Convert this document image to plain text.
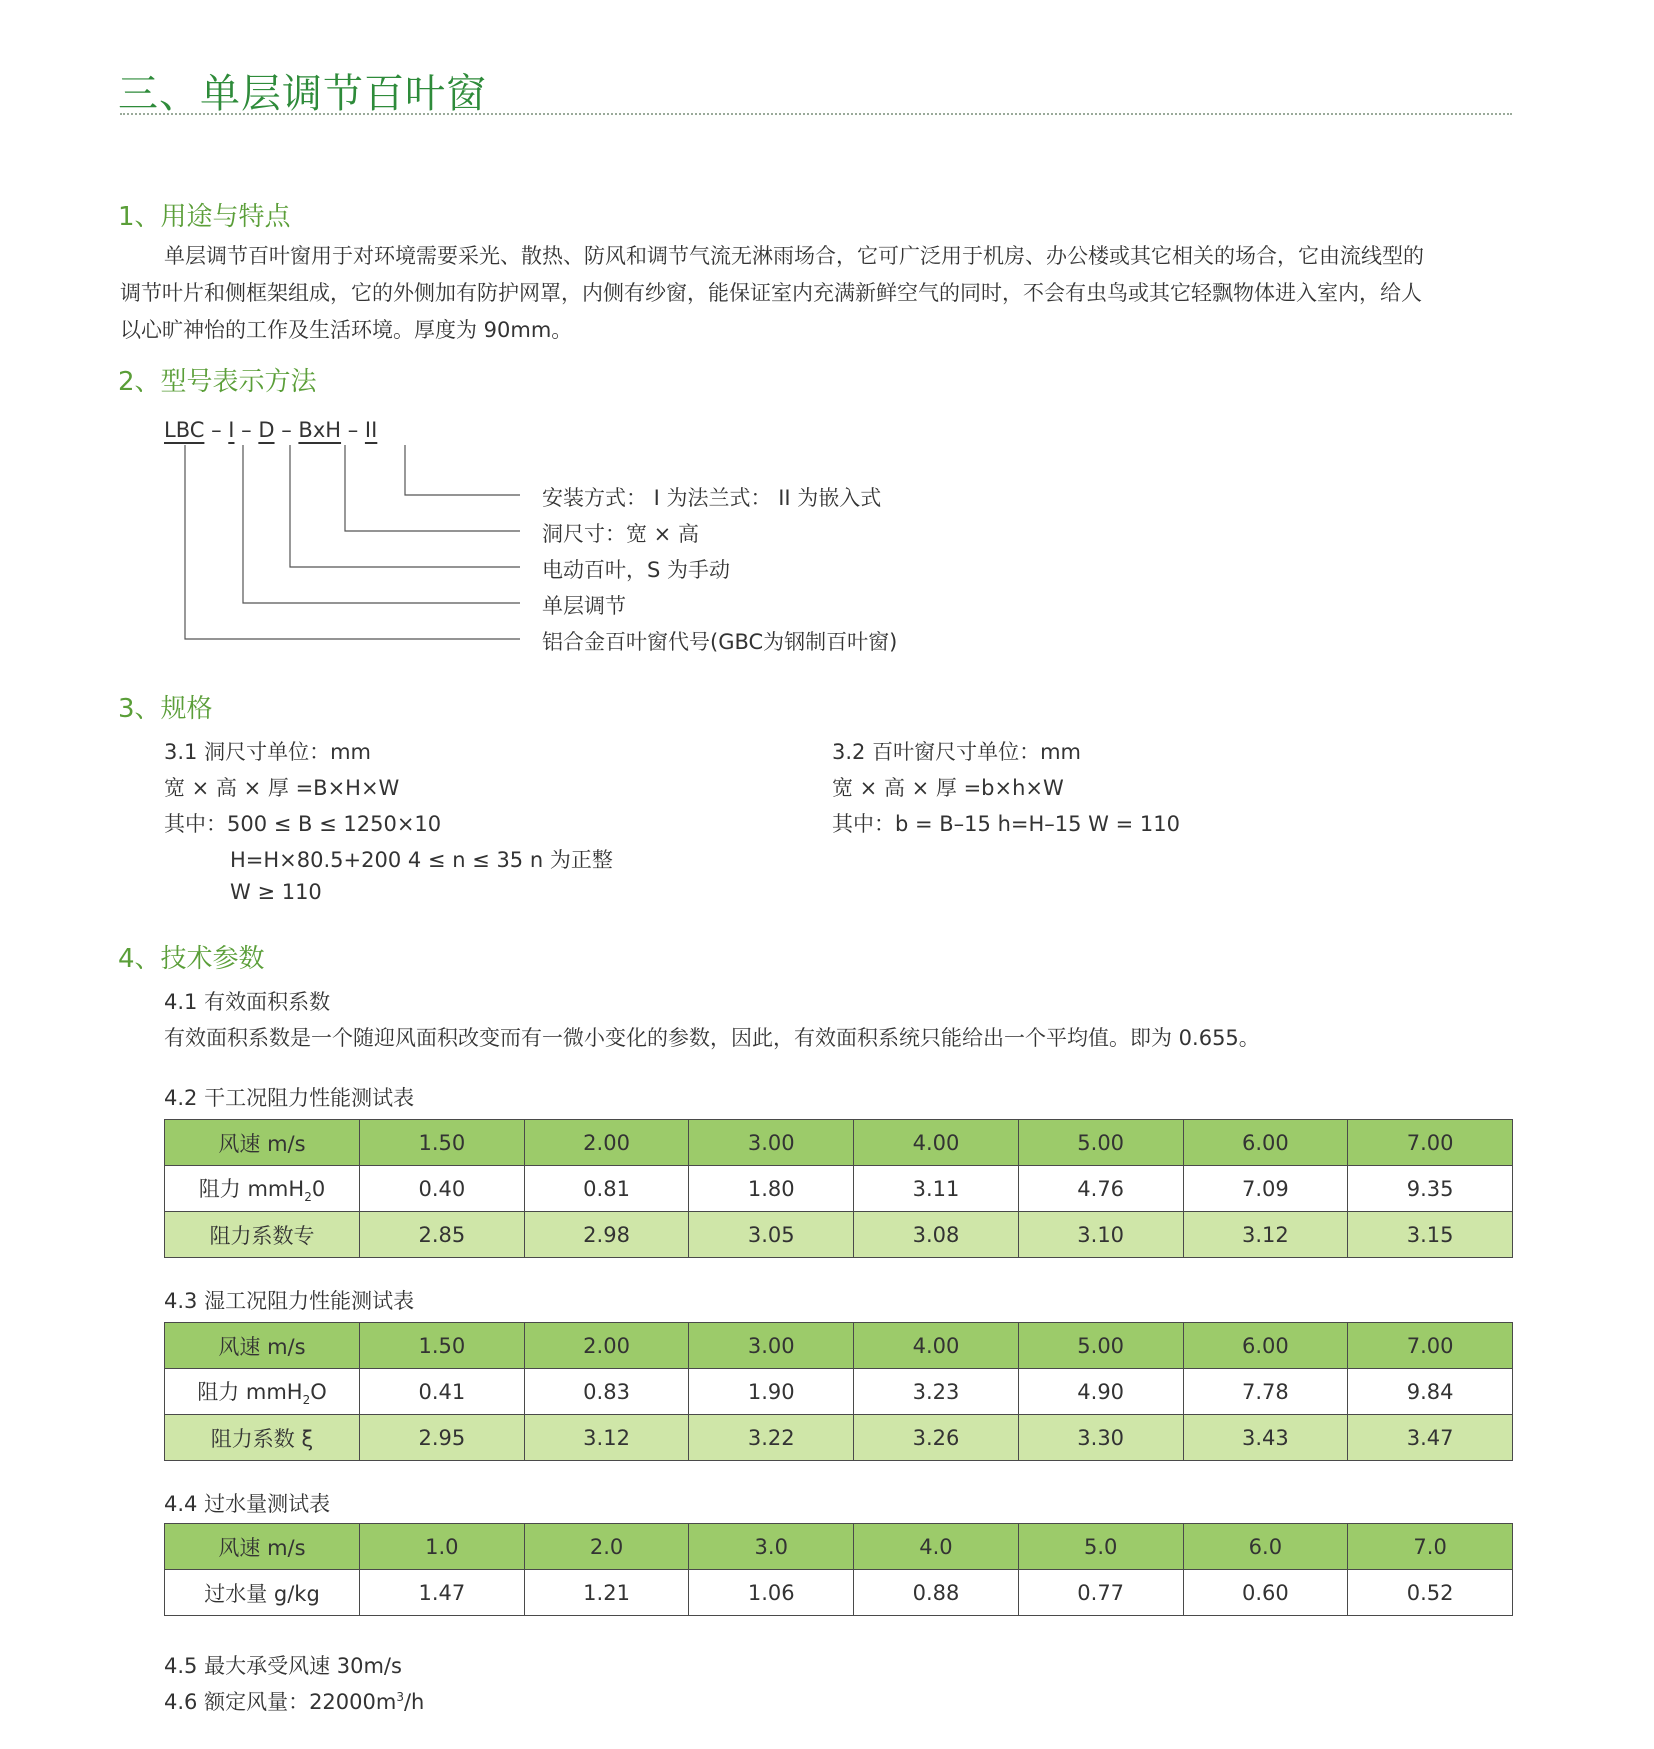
三、单层调节百叶窗
1、用途与特点
单层调节百叶窗用于对环境需要采光、散热、防风和调节气流无淋雨场合，它可广泛用于机房、办公楼或其它相关的场合，它由流线型的
调节叶片和侧框架组成，它的外侧加有防护网罩，内侧有纱窗，能保证室内充满新鲜空气的同时，不会有虫鸟或其它轻飘物体进入室内，给人
以心旷神怡的工作及生活环境。厚度为 90mm。
2、型号表示方法
LBC – I – D – BxH – II
安装方式： I 为法兰式： II 为嵌入式
洞尺寸：宽 × 高
电动百叶，S 为手动
单层调节
铝合金百叶窗代号(GBC为钢制百叶窗)
3、规格
3.1 洞尺寸单位：mm
宽 × 高 × 厚 =B×H×W
其中：500 ≤ B ≤ 1250×10
H=H×80.5+200 4 ≤ n ≤ 35 n 为正整
W ≥ 110
3.2 百叶窗尺寸单位：mm
宽 × 高 × 厚 =b×h×W
其中：b = B–15 h=H–15 W = 110
4、技术参数
4.1 有效面积系数
有效面积系数是一个随迎风面积改变而有一微小变化的参数，因此，有效面积系统只能给出一个平均值。即为 0.655。
4.2 干工况阻力性能测试表
风速 m/s	1.50	2.00	3.00	4.00	5.00	6.00	7.00
阻力 mmH$_2$0	0.40	0.81	1.80	3.11	4.76	7.09	9.35
阻力系数专	2.85	2.98	3.05	3.08	3.10	3.12	3.15
4.3 湿工况阻力性能测试表
风速 m/s	1.50	2.00	3.00	4.00	5.00	6.00	7.00
阻力 mmH$_2$O	0.41	0.83	1.90	3.23	4.90	7.78	9.84
阻力系数 ξ	2.95	3.12	3.22	3.26	3.30	3.43	3.47
4.4 过水量测试表
风速 m/s	1.0	2.0	3.0	4.0	5.0	6.0	7.0
过水量 g/kg	1.47	1.21	1.06	0.88	0.77	0.60	0.52
4.5 最大承受风速 30m/s
4.6 额定风量：$22000m^3/h$
